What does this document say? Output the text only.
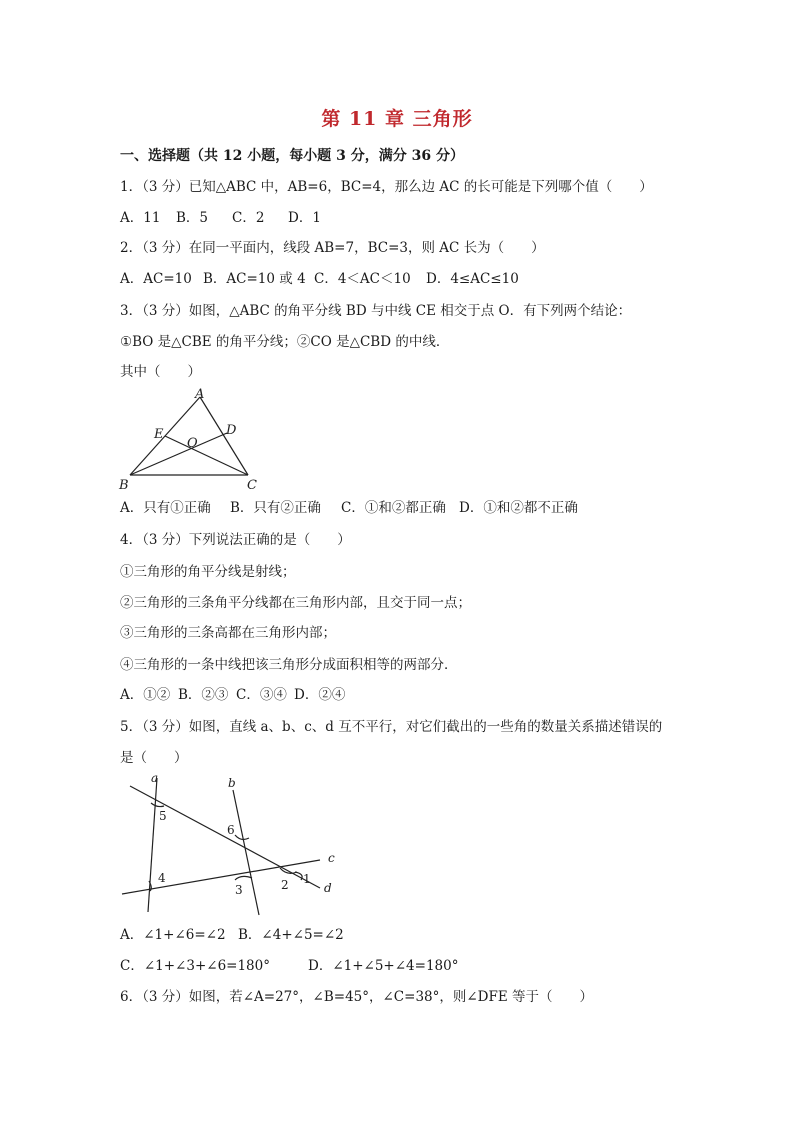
第 11 章 三角形
一、选择题（共 12 小题，每小题 3 分，满分 36 分）
1．（3 分）已知△ABC 中，AB=6，BC=4，那么边 AC 的长可能是下列哪个值（　　）
A．11 B．5 C．2 D．1
2．（3 分）在同一平面内，线段 AB=7，BC=3，则 AC 长为（　　）
A．AC=10 B．AC=10 或 4 C．4＜AC＜10 D．4≤AC≤10
3．（3 分）如图，△ABC 的角平分线 BD 与中线 CE 相交于点 O．有下列两个结论：
①BO 是△CBE 的角平分线；②CO 是△CBD 的中线．
其中（　　）
A
E
O
D
B	C
A．只有①正确 B．只有②正确 C．①和②都正确 D．①和②都不正确
4．（3 分）下列说法正确的是（　　）
①三角形的角平分线是射线；
②三角形的三条角平分线都在三角形内部，且交于同一点；
③三角形的三条高都在三角形内部；
④三角形的一条中线把该三角形分成面积相等的两部分．
A．①② B．②③ C．③④ D．②④
5．（3 分）如图，直线 a、b、c、d 互不平行，对它们截出的一些角的数量关系描述错误的
是（　　）
a	b
c
d
5
6
4
3	2 1
A．∠1+∠6=∠2 B．∠4+∠5=∠2
C．∠1+∠3+∠6=180°	D．∠1+∠5+∠4=180°
6．（3 分）如图，若∠A=27°，∠B=45°，∠C=38°，则∠DFE 等于（　　）
